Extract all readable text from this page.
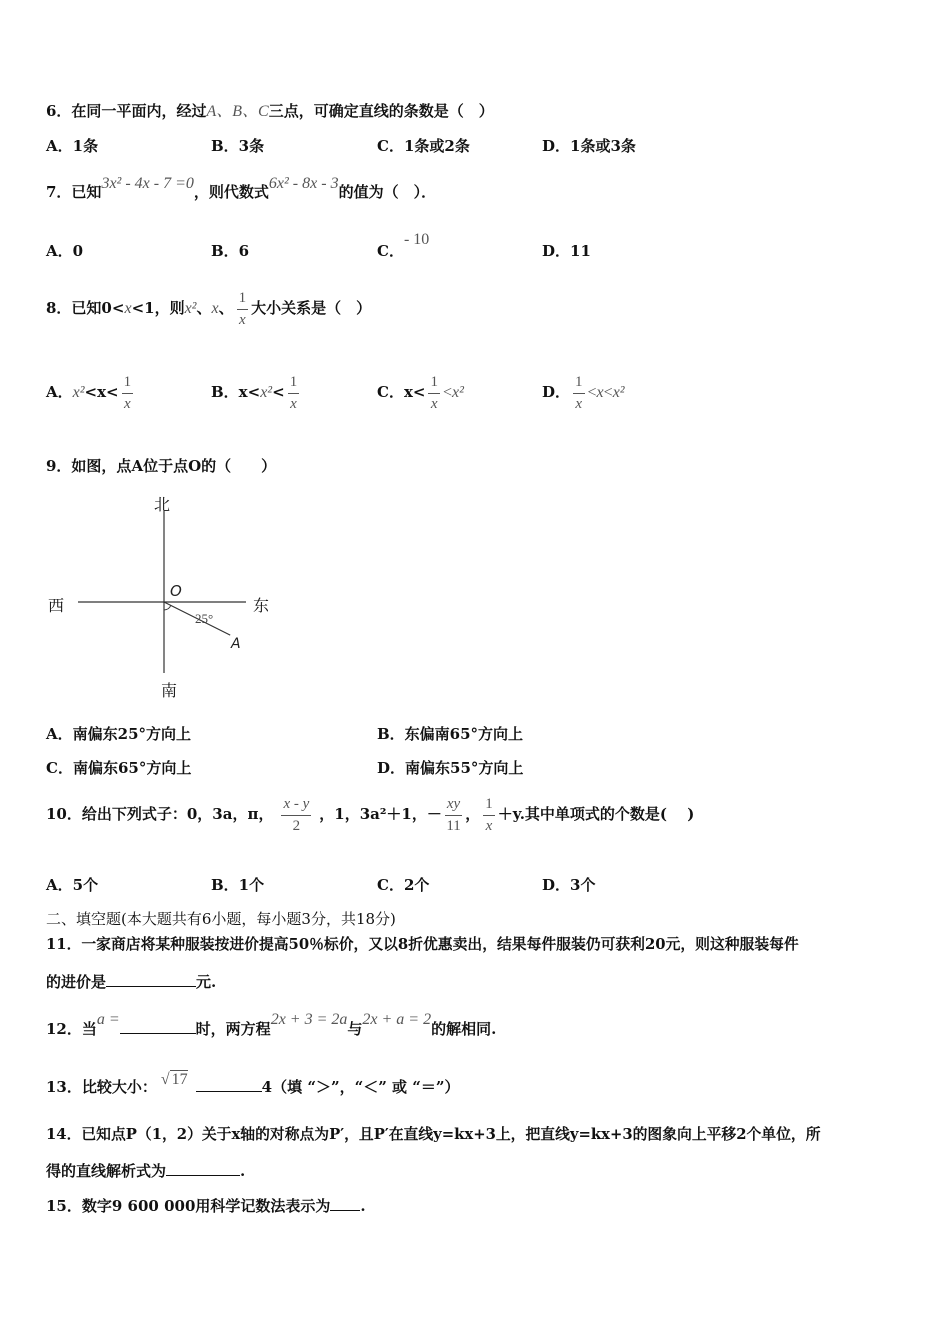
6．在同一平面内，经过A、B、C三点，可确定直线的条数是（　）
A．1条	B．3条	C．1条或2条	D．1条或3条
7．已知3x² - 4x - 7 =0，则代数式6x² - 8x - 3的值为（　）．
A．0	B．6	C．- 10
D．11
8．已知0<x<1，则x²、x、 $\frac{1}{x}$ 大小关系是（　）
A．$x^2<x< \frac{1}{x}$	B．$x<x^2< \frac{1}{x}$	C．$x< \frac{1}{x} <x^2$	D． $\frac{1}{x} <x<x^2$
9．如图，点A位于点O的（　　）
北
南
西	东
O
25°
A
A．南偏东25°方向上	B．东偏南65°方向上
C．南偏东65°方向上	D．南偏东55°方向上
10．给出下列式子：0，3a，π， $\frac{x - y}{2}$ ，1，3a²＋1，－ $\frac{xy}{11}$ ， $\frac{1}{x} +y$.其中单项式的个数是(　 )
A．5个	B．1个	C．2个	D．3个
二、填空题(本大题共有6小题，每小题3分，共18分)
11．一家商店将某种服装按进价提高50％标价，又以8折优惠卖出，结果每件服装仍可获利20元，则这种服装每件
的进价是	元.
12．当a =时，两方程2x + 3 = 2a与2x + a = 2的解相同.
13．比较大小： √ 17	4（填 “＞”，“＜” 或 “＝”）
14．已知点P（1，2）关于x轴的对称点为P′，且P′在直线y=kx+3上，把直线y=kx+3的图象向上平移2个单位，所
得的直线解析式为	.
15．数字9 600 000用科学记数法表示为 .
